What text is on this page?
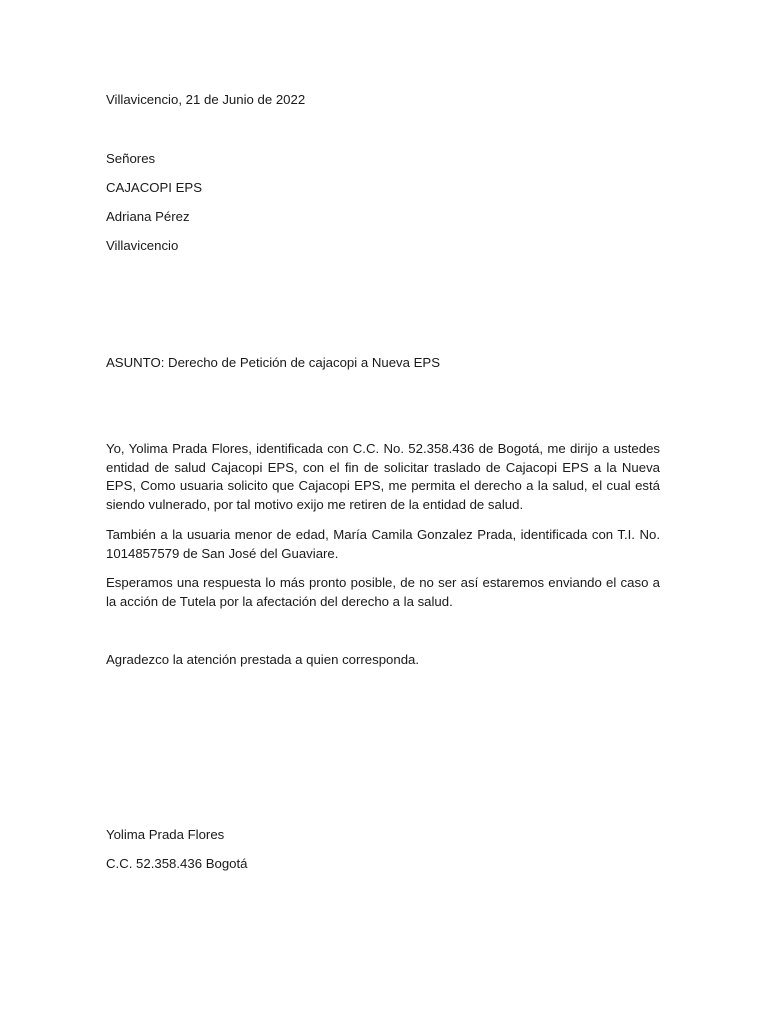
Villavicencio, 21 de Junio de 2022
Señores
CAJACOPI EPS
Adriana Pérez
Villavicencio
ASUNTO: Derecho de Petición de cajacopi a Nueva EPS
Yo, Yolima Prada Flores, identificada con C.C. No. 52.358.436 de Bogotá, me dirijo a ustedes entidad de salud Cajacopi EPS, con el fin de solicitar traslado de Cajacopi EPS a la Nueva EPS, Como usuaria solicito que Cajacopi EPS, me permita el derecho a la salud, el cual está siendo vulnerado, por tal motivo exijo me retiren de la entidad de salud.
También a la usuaria menor de edad, María Camila Gonzalez Prada, identificada con T.I. No. 1014857579 de San José del Guaviare.
Esperamos una respuesta lo más pronto posible, de no ser así estaremos enviando el caso a la acción de Tutela por la afectación del derecho a la salud.
Agradezco la atención prestada a quien corresponda.
Yolima Prada Flores
C.C. 52.358.436 Bogotá
